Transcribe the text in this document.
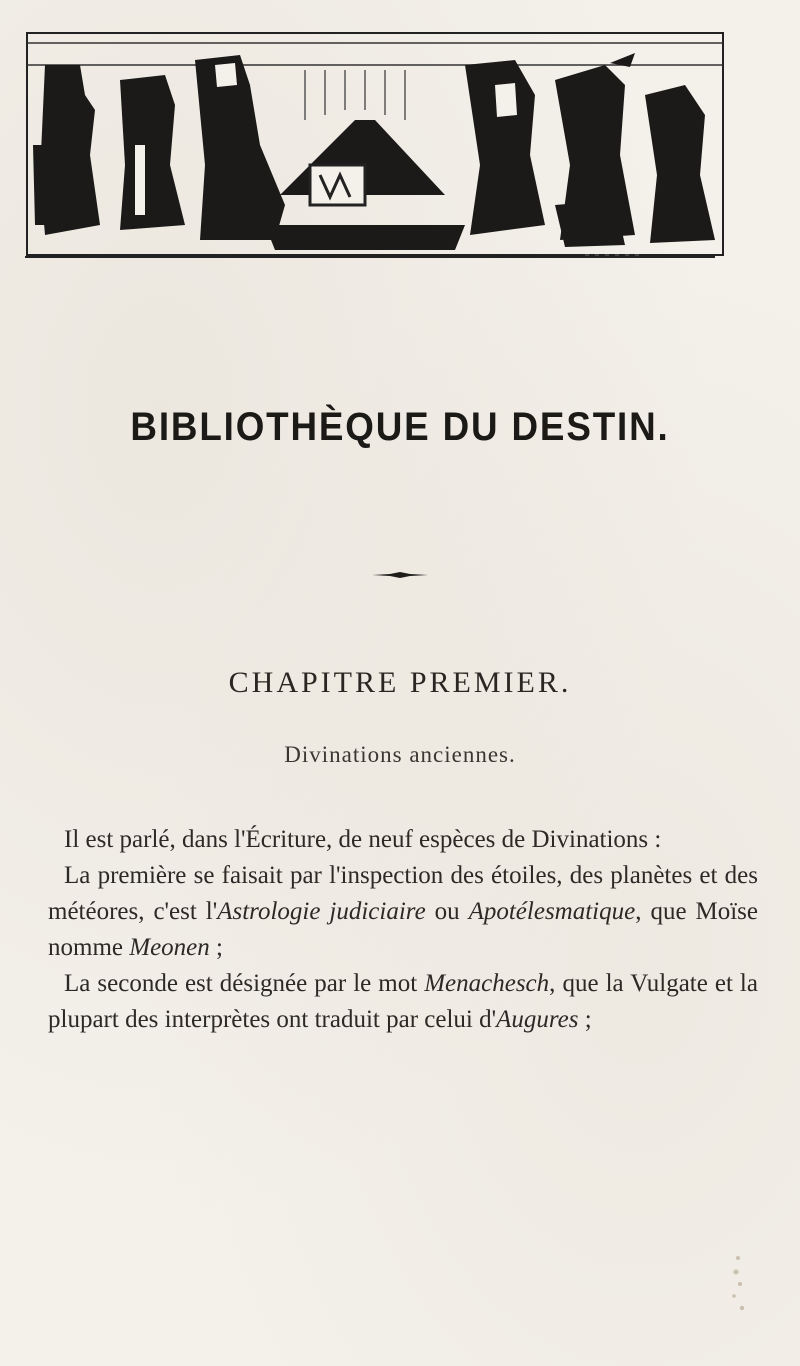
BIBLIOTHÈQUE DU DESTIN.
CHAPITRE PREMIER.
Divinations anciennes.

Il est parlé, dans l'Écriture, de neuf espèces de Divinations :

La première se faisait par l'inspection des étoiles, des planètes et des météores, c'est l'Astrologie judiciaire ou Apotélesmatique, que Moïse nomme Meonen ;

La seconde est désignée par le mot Menachesch, que la Vulgate et la plupart des interprètes ont traduit par celui d'Augures ;
